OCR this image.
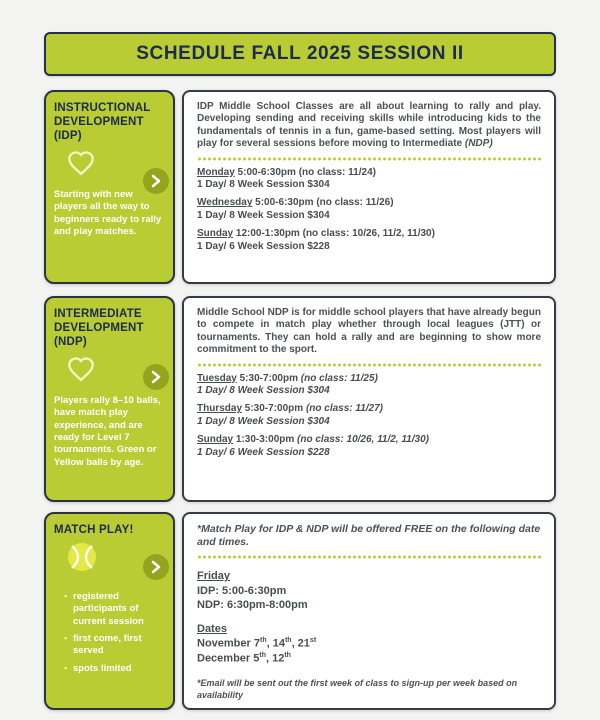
SCHEDULE FALL 2025 SESSION II
INSTRUCTIONAL DEVELOPMENT (IDP)

Starting with new players all the way to beginners ready to rally and play matches.

IDP Middle School Classes are all about learning to rally and play. Developing sending and receiving skills while introducing kids to the fundamentals of tennis in a fun, game-based setting. Most players will play for several sessions before moving to Intermediate (NDP)

Monday 5:00-6:30pm (no class: 11/24)
1 Day/ 8 Week Session $304
Wednesday 5:00-6:30pm (no class: 11/26)
1 Day/ 8 Week Session $304
Sunday 12:00-1:30pm (no class: 10/26, 11/2, 11/30)
1 Day/ 6 Week Session $228
INTERMEDIATE DEVELOPMENT (NDP)

Players rally 8–10 balls, have match play experience, and are ready for Level 7 tournaments. Green or Yellow balls by age.

Middle School NDP is for middle school players that have already begun to compete in match play whether through local leagues (JTT) or tournaments. They can hold a rally and are beginning to show more commitment to the sport.

Tuesday 5:30-7:00pm (no class: 11/25)
1 Day/ 8 Week Session $304
Thursday 5:30-7:00pm (no class: 11/27)
1 Day/ 8 Week Session $304
Sunday 1:30-3:00pm (no class: 10/26, 11/2, 11/30)
1 Day/ 6 Week Session $228
MATCH PLAY!
• registered participants of current session
• first come, first served
• spots limited

*Match Play for IDP & NDP will be offered FREE on the following date and times.

Friday
IDP: 5:00-6:30pm
NDP: 6:30pm-8:00pm
Dates
November 7th, 14th, 21st
December 5th, 12th

*Email will be sent out the first week of class to sign-up per week based on availability
